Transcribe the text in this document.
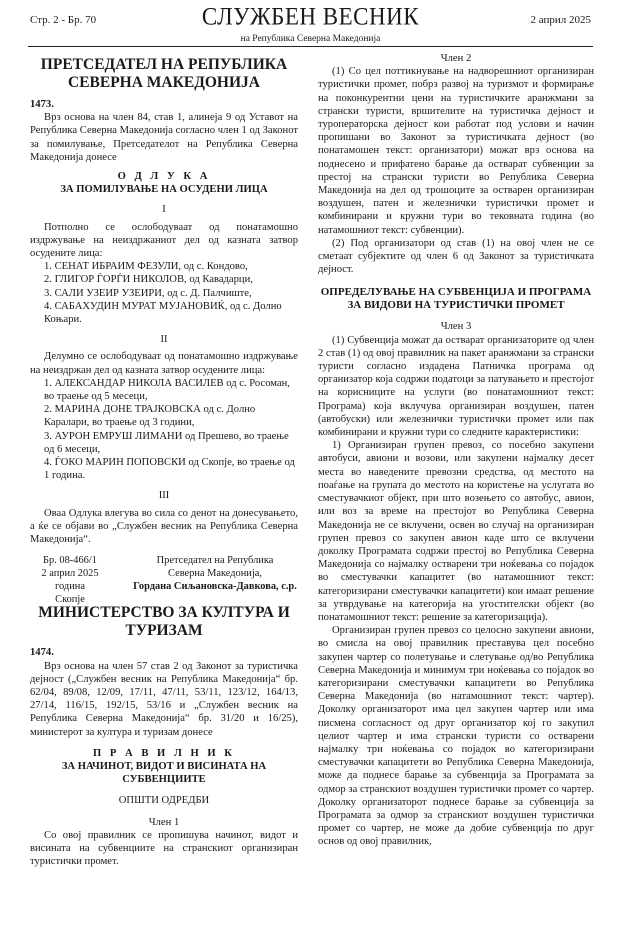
Стр. 2 - Бр. 70	СЛУЖБЕН ВЕСНИК	2 април 2025
на Република Северна Македонија
ПРЕТСЕДАТЕЛ НА РЕПУБЛИКА
СЕВЕРНА МАКЕДОНИЈА
1473.

Врз основа на член 84, став 1, алинеја 9 од Уставот на Република Северна Македонија согласно член 1 од Законот за помилување, Претседателот на Република Северна Македонија донесе

О Д Л У К А
ЗА ПОМИЛУВАЊЕ НА ОСУДЕНИ ЛИЦА
I

Потполно се ослободуваат од понатамошно издржување на неиздржаниот дел од казната затвор осудените лица:

1. СЕНАТ ИБРАИМ ФЕЗУЛИ, од с. Кондово,

2. ГЛИГОР ЃОРЃИ НИКОЛОВ, од Кавадарци,

3. САЛИ УЗЕИР УЗЕИРИ, од с. Д. Палчиште,

4. САБАХУДИН МУРАТ МУЈАНОВИЌ, од с. Долно Коњари.

II

Делумно се ослободуваат од понатамошно издржување на неиздржан дел од казната затвор осудените лица:

1. АЛЕКСАНДАР НИКОЛА ВАСИЛЕВ од с. Росоман, во траење од 5 месеци,

2. МАРИНА ДОНЕ ТРАЈКОВСКА од с. Долно Каралари, во траење од 3 години,

3. АУРОН ЕМРУШ ЛИМАНИ од Прешево, во траење од 6 месеци,

4. ЃОКО МАРИН ПОПОВСКИ од Скопје, во траење од 1 година.

III

Оваа Одлука влегува во сила со денот на донесувањето, а ќе се објави во „Службен весник на Република Северна Македонија“.

Бр. 08-466/1
2 април 2025 година
Скопје
Претседател на Република
Северна Македонија,
Гордана Сиљановска-Давкова, с.р.
МИНИСТЕРСТВО ЗА КУЛТУРА И
ТУРИЗАМ
1474.

Врз основа на член 57 став 2 од Законот за туристичка дејност („Службен весник на Република Македонија“ бр. 62/04, 89/08, 12/09, 17/11, 47/11, 53/11, 123/12, 164/13, 27/14, 116/15, 192/15, 53/16 и „Службен весник на Република Северна Македонија“ бр. 31/20 и 16/25), министерот за култура и туризам донесе

П Р А В И Л Н И К
ЗА НАЧИНОТ, ВИДОТ И ВИСИНАТА НА
СУБВЕНЦИИТЕ
ОПШТИ ОДРЕДБИ
Член 1

Со овој правилник се пропишува начинот, видот и висината на субвенциите на странскиот организиран туристички промет.

Член 2

(1) Со цел поттикнување на надворешниот организиран туристички промет, побрз развој на туризмот и формирање на поконкурентни цени на туристичките аранжмани за странски туристи, вршителите на туристичка дејност и туроператорска дејност кои работат под услови и начин пропишани во Законот за туристичката дејност (во понатамошен текст: организатори) можат врз основа на поднесено и прифатено барање да остварат субвенции за престој на странски туристи во Република Северна Македонија на дел од трошоците за остварен организиран воздушен, патен и железнички туристички промет и комбинирани и кружни тури во тековната година (во натамошниот текст: субвенции).

(2) Под организатори од став (1) на овој член не се сметаат субјектите од член 6 од Законот за туристичката дејност.

ОПРЕДЕЛУВАЊЕ НА СУБВЕНЦИЈА И ПРОГРАМА
ЗА ВИДОВИ НА ТУРИСТИЧКИ ПРОМЕТ
Член 3

(1) Субвенција можат да остварат организаторите од член 2 став (1) од овој правилник на пакет аранжмани за странски туристи согласно издадена Патничка програма од организатор која содржи податоци за патувањето и престојот на корисниците на услуги (во понатамошниот текст: Програма) која вклучува организиран воздушен, патен (автобуски) или железнички туристички промет или пак комбинирани и кружни тури со следните карактеристики:

1) Организиран групен превоз, со посебно закупени автобуси, авиони и возови, или закупени најмалку десет места во наведените превозни средства, од местото на поаѓање на групата до местото на користење на услугата во сместувачкиот објект, при што возењето со автобус, авион, или воз за време на престојот во Република Северна Македонија не се вклучени, освен во случај на организиран групен превоз со закупен авион каде што се вклучени доколку Програмата содржи престој во Република Северна Македонија со најмалку остварени три ноќевања со појадок во сместувачки капацитет (во натамошниот текст: категоризирани сместувачки капацитети) кои имаат решение за утврдување на категорија на угостителски објект (во понатамошниот текст: решение за категоризација).

Организиран групен превоз со целосно закупени авиони, во смисла на овој правилник преставува цел посебно закупен чартер со полетување и слетување од/во Република Северна Македонија и минимум три ноќевања со појадок во категоризирани сместувачки капацитети во Република Северна Македонија (во натамошниот текст: чартер). Доколку организаторот има цел закупен чартер или има писмена согласност од друг организатор кој го закупил целиот чартер и има странски туристи со остварени најмалку три ноќевања со појадок во категоризирани сместувачки капацитети во Република Северна Македонија, може да поднесе барање за субвенција за Програмата за одмор за странскиот воздушен туристички промет со чартер. Доколку организаторот поднесе барање за субвенција за Програмата за одмор за странскиот воздушен туристички промет со чартер, не може да добие субвенција по друг основ од овој правилник,
